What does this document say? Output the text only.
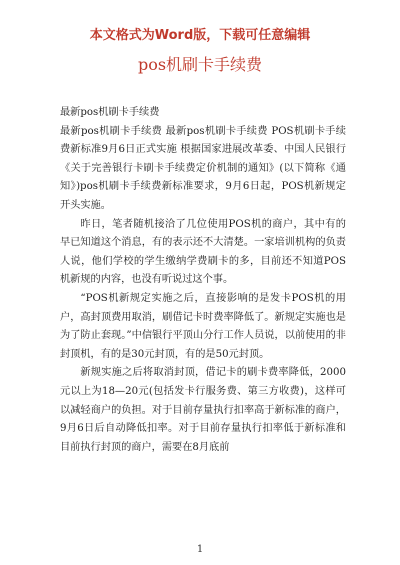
本文格式为Word版，下载可任意编辑
pos机刷卡手续费

最新pos机刷卡手续费

最新pos机刷卡手续费 最新pos机刷卡手续费 POS机刷卡手续费新标准9月6日正式实施 根据国家进展改革委、中国人民银行《关于完善银行卡刷卡手续费定价机制的通知》(以下简称《通知》)pos机刷卡手续费新标准要求，9月6日起，POS机新规定开头实施。

昨日，笔者随机接洽了几位使用POS机的商户，其中有的早已知道这个消息，有的表示还不大清楚。一家培训机构的负责人说，他们学校的学生缴纳学费刷卡的多，目前还不知道POS机新规的内容，也没有听说过这个事。

“POS机新规定实施之后，直接影响的是发卡POS机的用户，高封顶费用取消，刷借记卡时费率降低了。新规定实施也是为了防止套现。”中信银行平顶山分行工作人员说，以前使用的非封顶机，有的是30元封顶，有的是50元封顶。

新规实施之后将取消封顶，借记卡的刷卡费率降低，2000元以上为18—20元(包括发卡行服务费、第三方收费)，这样可以减轻商户的负担。对于目前存量执行扣率高于新标准的商户，9月6日后自动降低扣率。对于目前存量执行扣率低于新标准和目前执行封顶的商户，需要在8月底前

1
